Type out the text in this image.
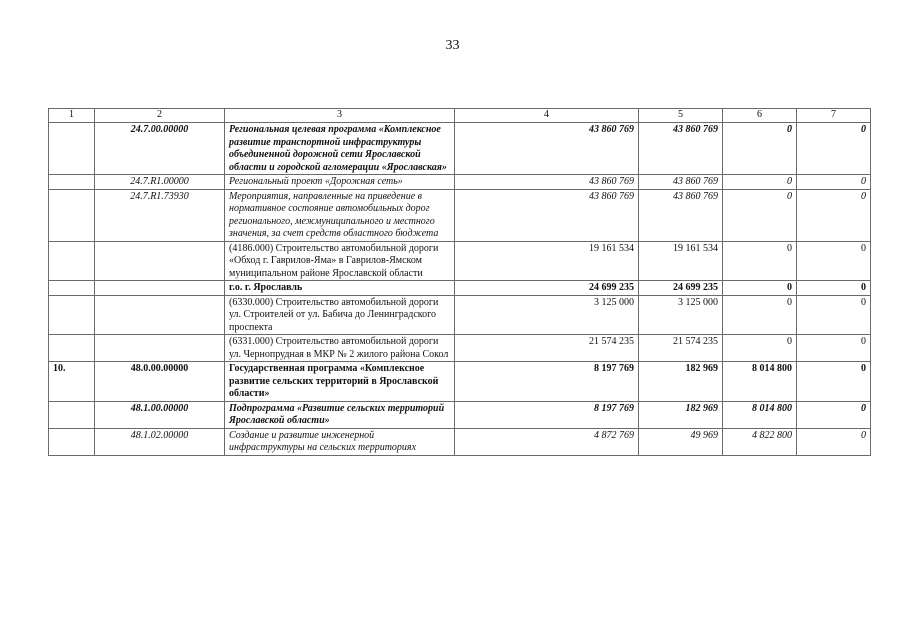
33
1	2	3	4	5	6	7
	24.7.00.00000	Региональная целевая программа «Комплексное развитие транспортной инфраструктуры объединенной дорожной сети Ярославской области и городской агломерации «Ярославская»	43 860 769	43 860 769	0	0
	24.7.R1.00000	Региональный проект «Дорожная сеть»	43 860 769	43 860 769	0	0
	24.7.R1.73930	Мероприятия, направленные на приведение в нормативное состояние автомобильных дорог регионального, межмуниципального и местного значения, за счет средств областного бюджета	43 860 769	43 860 769	0	0
		(4186.000) Строительство автомобильной дороги «Обход г. Гаврилов-Яма» в Гаврилов-Ямском муниципальном районе Ярославской области	19 161 534	19 161 534	0	0
		г.о. г. Ярославль	24 699 235	24 699 235	0	0
		(6330.000) Строительство автомобильной дороги ул. Строителей от ул. Бабича до Ленинградского проспекта	3 125 000	3 125 000	0	0
		(6331.000) Строительство автомобильной дороги ул. Чернопрудная в МКР № 2 жилого района Сокол	21 574 235	21 574 235	0	0
10.	48.0.00.00000	Государственная программа «Комплексное развитие сельских территорий в Ярославской области»	8 197 769	182 969	8 014 800	0
	48.1.00.00000	Подпрограмма «Развитие сельских территорий Ярославской области»	8 197 769	182 969	8 014 800	0
	48.1.02.00000	Создание и развитие инженерной инфраструктуры на сельских территориях	4 872 769	49 969	4 822 800	0
